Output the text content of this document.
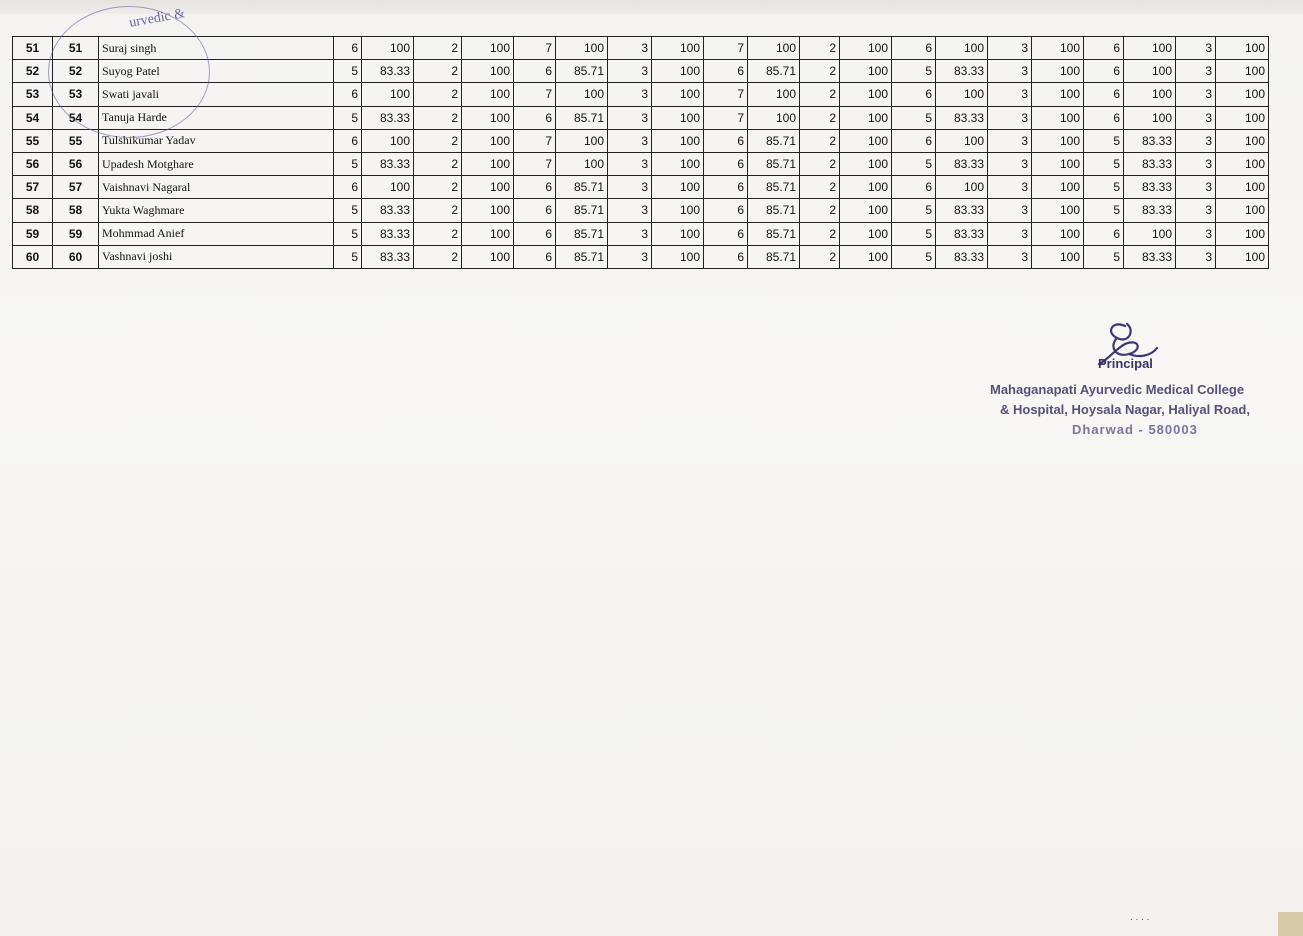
51	51	Suraj singh	6	100	2	100	7	100	3	100	7	100	2	100	6	100	3	100	6	100	3	100
52	52	Suyog Patel	5	83.33	2	100	6	85.71	3	100	6	85.71	2	100	5	83.33	3	100	6	100	3	100
53	53	Swati javali	6	100	2	100	7	100	3	100	7	100	2	100	6	100	3	100	6	100	3	100
54	54	Tanuja Harde	5	83.33	2	100	6	85.71	3	100	7	100	2	100	5	83.33	3	100	6	100	3	100
55	55	Tulshikumar Yadav	6	100	2	100	7	100	3	100	6	85.71	2	100	6	100	3	100	5	83.33	3	100
56	56	Upadesh Motghare	5	83.33	2	100	7	100	3	100	6	85.71	2	100	5	83.33	3	100	5	83.33	3	100
57	57	Vaishnavi Nagaral	6	100	2	100	6	85.71	3	100	6	85.71	2	100	6	100	3	100	5	83.33	3	100
58	58	Yukta Waghmare	5	83.33	2	100	6	85.71	3	100	6	85.71	2	100	5	83.33	3	100	5	83.33	3	100
59	59	Mohmmad Anief	5	83.33	2	100	6	85.71	3	100	6	85.71	2	100	5	83.33	3	100	6	100	3	100
60	60	Vashnavi joshi	5	83.33	2	100	6	85.71	3	100	6	85.71	2	100	5	83.33	3	100	5	83.33	3	100
urvedic &
Principal
Mahaganapati Ayurvedic Medical College
& Hospital, Hoysala Nagar, Haliyal Road,
Dharwad - 580003
. . . .
